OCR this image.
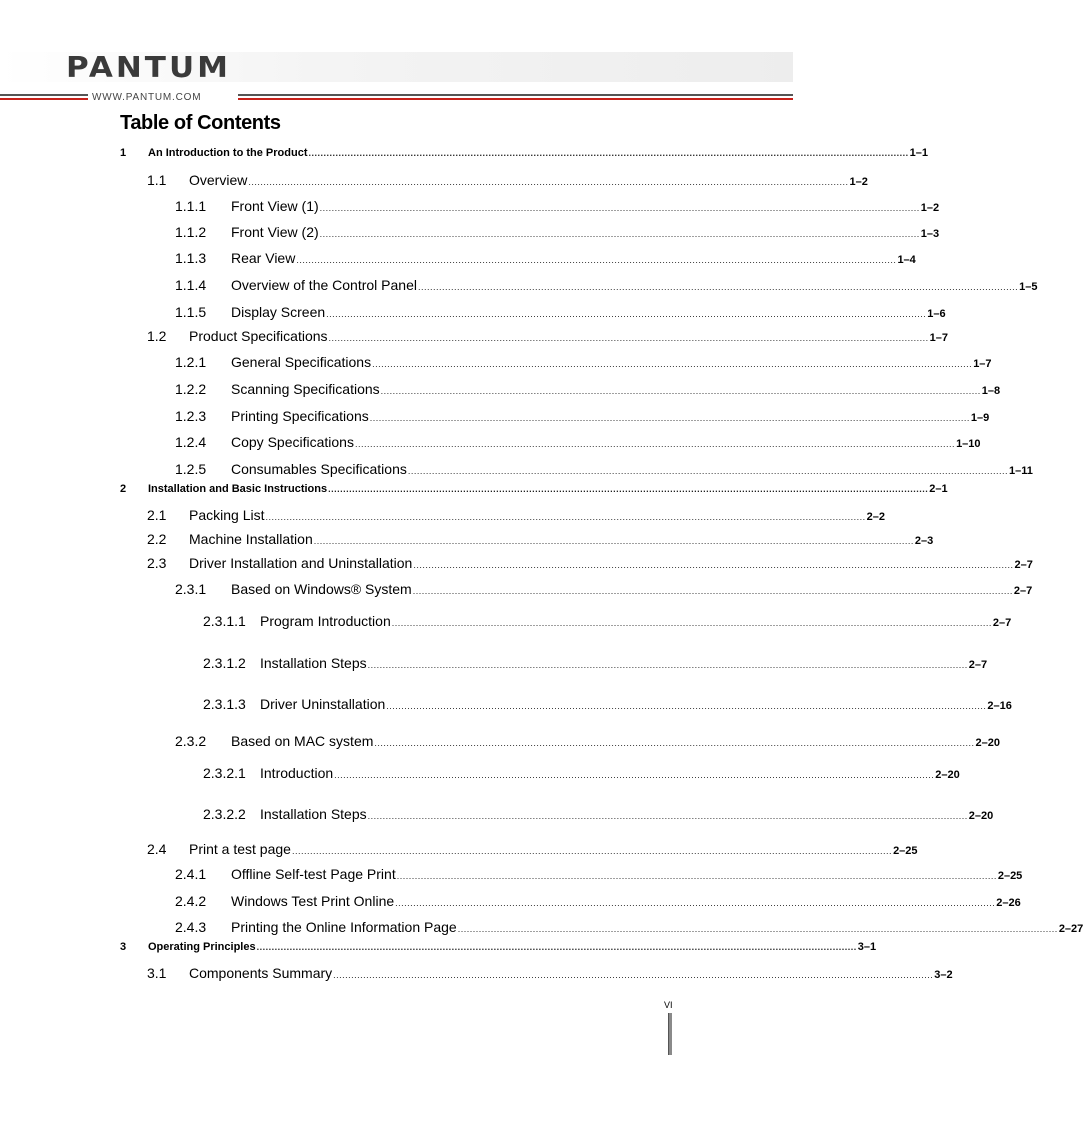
PANTUM
WWW.PANTUM.COM
Table of Contents
1 An Introduction to the Product ........................................................................................................................................................................................................ 1–1
1.1 Overview ........................................................................................................................................................................................................ 1–2
1.1.1 Front View (1) ........................................................................................................................................................................................................ 1–2
1.1.2 Front View (2) ........................................................................................................................................................................................................ 1–3
1.1.3 Rear View ........................................................................................................................................................................................................ 1–4
1.1.4 Overview of the Control Panel ........................................................................................................................................................................................................ 1–5
1.1.5 Display Screen ........................................................................................................................................................................................................ 1–6
1.2 Product Specifications ........................................................................................................................................................................................................ 1–7
1.2.1 General Specifications ........................................................................................................................................................................................................ 1–7
1.2.2 Scanning Specifications ........................................................................................................................................................................................................ 1–8
1.2.3 Printing Specifications ........................................................................................................................................................................................................ 1–9
1.2.4 Copy Specifications ........................................................................................................................................................................................................ 1–10
1.2.5 Consumables Specifications ........................................................................................................................................................................................................ 1–11
2 Installation and Basic Instructions ........................................................................................................................................................................................................ 2–1
2.1 Packing List ........................................................................................................................................................................................................ 2–2
2.2 Machine Installation ........................................................................................................................................................................................................ 2–3
2.3 Driver Installation and Uninstallation ........................................................................................................................................................................................................ 2–7
2.3.1 Based on Windows® System ........................................................................................................................................................................................................ 2–7
2.3.1.1 Program Introduction ........................................................................................................................................................................................................ 2–7
2.3.1.2 Installation Steps ........................................................................................................................................................................................................ 2–7
2.3.1.3 Driver Uninstallation ........................................................................................................................................................................................................ 2–16
2.3.2 Based on MAC system ........................................................................................................................................................................................................ 2–20
2.3.2.1 Introduction ........................................................................................................................................................................................................ 2–20
2.3.2.2 Installation Steps ........................................................................................................................................................................................................ 2–20
2.4 Print a test page ........................................................................................................................................................................................................ 2–25
2.4.1 Offline Self-test Page Print ........................................................................................................................................................................................................ 2–25
2.4.2 Windows Test Print Online ........................................................................................................................................................................................................ 2–26
2.4.3 Printing the Online Information Page ........................................................................................................................................................................................................ 2–27
3 Operating Principles ........................................................................................................................................................................................................ 3–1
3.1 Components Summary ........................................................................................................................................................................................................ 3–2
VI
